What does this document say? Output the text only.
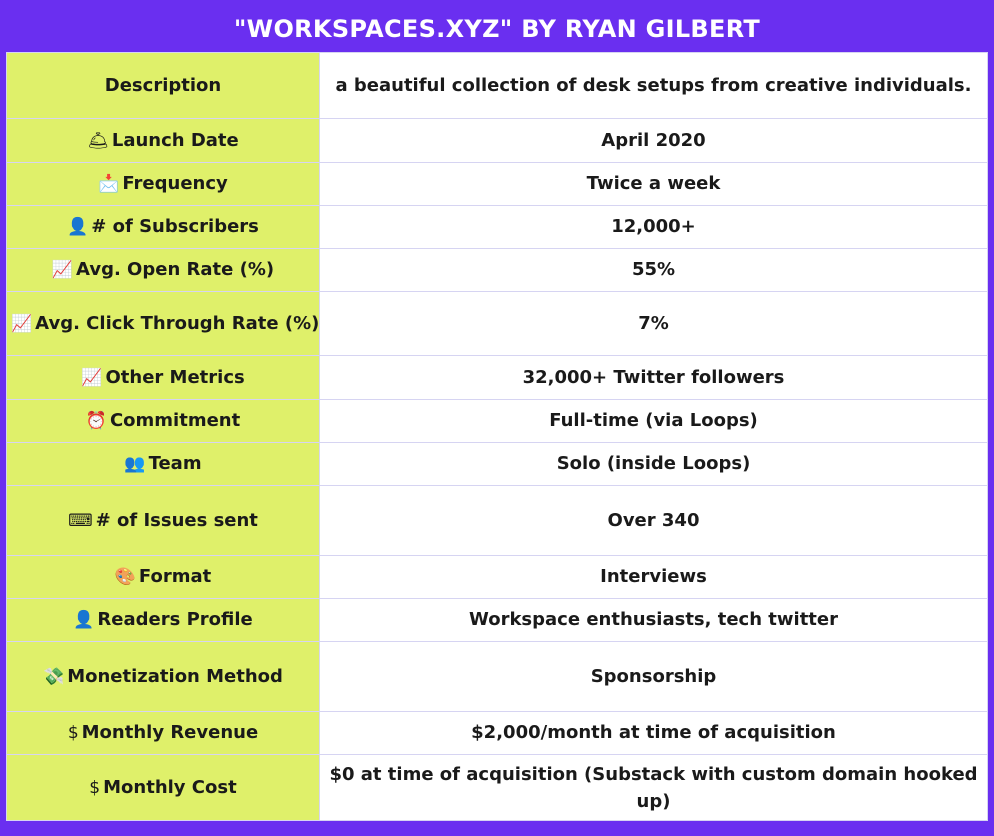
"WORKSPACES.XYZ" BY RYAN GILBERT
Description	a beautiful collection of desk setups from creative individuals.
🛎 Launch Date	April 2020
📩 Frequency	Twice a week
👤 # of Subscribers	12,000+
📈 Avg. Open Rate (%)	55%
📈 Avg. Click Through Rate (%)	7%
📈 Other Metrics	32,000+ Twitter followers
⏰ Commitment	Full-time (via Loops)
👥 Team	Solo (inside Loops)
⌨ # of Issues sent	Over 340
🎨 Format	Interviews
👤 Readers Profile	Workspace enthusiasts, tech twitter
💸 Monetization Method	Sponsorship
$ Monthly Revenue	$2,000/month at time of acquisition
$ Monthly Cost	$0 at time of acquisition (Substack with custom domain hooked up)
